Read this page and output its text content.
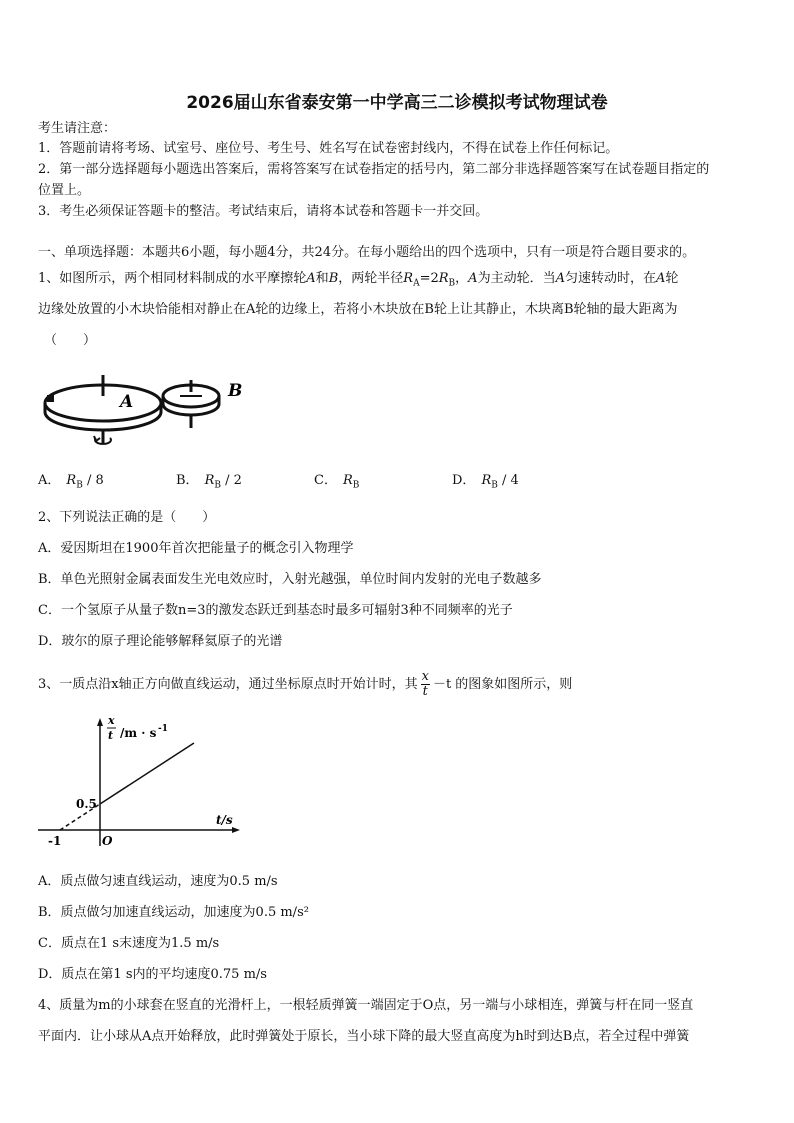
2026届山东省泰安第一中学高三二诊模拟考试物理试卷
考生请注意：
1．答题前请将考场、试室号、座位号、考生号、姓名写在试卷密封线内，不得在试卷上作任何标记。
2．第一部分选择题每小题选出答案后，需将答案写在试卷指定的括号内，第二部分非选择题答案写在试卷题目指定的
位置上。
3．考生必须保证答题卡的整洁。考试结束后，请将本试卷和答题卡一并交回。
一、单项选择题：本题共6小题，每小题4分，共24分。在每小题给出的四个选项中，只有一项是符合题目要求的。
1、如图所示，两个相同材料制成的水平摩擦轮A和B，两轮半径$R_A=2R_B$，A为主动轮．当A匀速转动时，在A轮
边缘处放置的小木块恰能相对静止在A轮的边缘上，若将小木块放在B轮上让其静止，木块离B轮轴的最大距离为
（　　）
A
B
A． $R_B / 8$	B． $R_B / 2$	C． $R_B$	D． $R_B / 4$
2、下列说法正确的是（　　）
A．爱因斯坦在1900年首次把能量子的概念引入物理学
B．单色光照射金属表面发生光电效应时，入射光越强，单位时间内发射的光电子数越多
C．一个氢原子从量子数n=3的激发态跃迁到基态时最多可辐射3种不同频率的光子
D．玻尔的原子理论能够解释氦原子的光谱
3、一质点沿x轴正方向做直线运动，通过坐标原点时开始计时，其 $\frac{x}{t} -t$ 的图象如图所示，则
x
t /m · s -1
0.5
t/s
O
-1
A．质点做匀速直线运动，速度为0.5 m/s
B．质点做匀加速直线运动，加速度为0.5 m/s²
C．质点在1 s末速度为1.5 m/s
D．质点在第1 s内的平均速度0.75 m/s
4、质量为m的小球套在竖直的光滑杆上，一根轻质弹簧一端固定于O点，另一端与小球相连，弹簧与杆在同一竖直
平面内．让小球从A点开始释放，此时弹簧处于原长，当小球下降的最大竖直高度为h时到达B点，若全过程中弹簧
